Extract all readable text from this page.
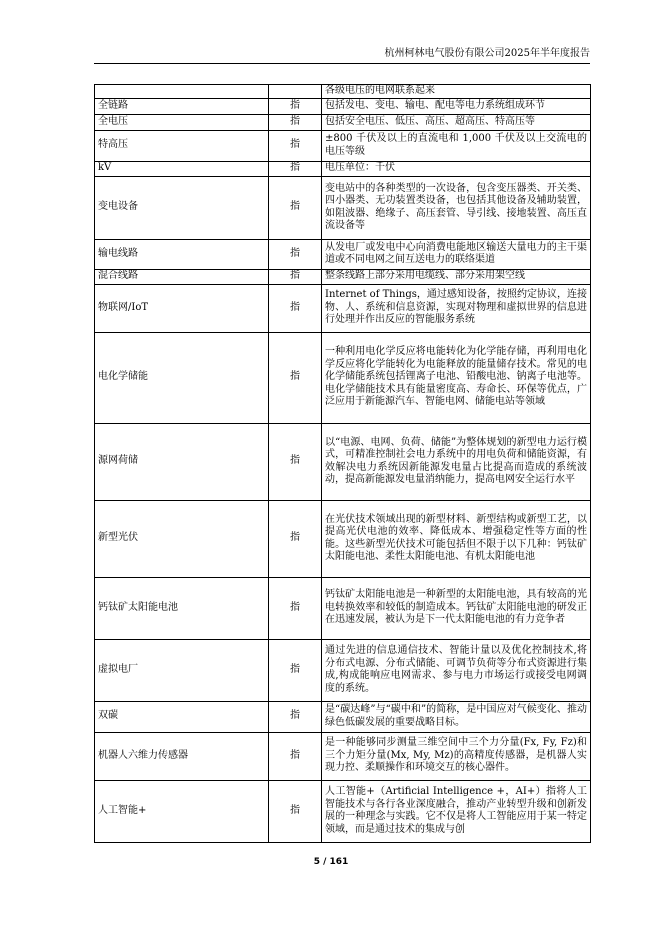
杭州柯林电气股份有限公司2025年半年度报告
		各级电压的电网联系起来
全链路	指	包括发电、变电、输电、配电等电力系统组成环节
全电压	指	包括安全电压、低压、高压、超高压、特高压等
特高压	指	±800 千伏及以上的直流电和 1,000 千伏及以上交流电的电压等级
kV	指	电压单位：千伏
变电设备	指	变电站中的各种类型的一次设备，包含变压器类、开关类、四小器类、无功装置类设备，也包括其他设备及辅助装置，如阻波器、绝缘子、高压套管、导引线、接地装置、高压直流设备等
输电线路	指	从发电厂或发电中心向消费电能地区输送大量电力的主干渠道或不同电网之间互送电力的联络渠道
混合线路	指	整条线路上部分采用电缆线、部分采用架空线
物联网/IoT	指	Internet of Things，通过感知设备，按照约定协议，连接物、人、系统和信息资源，实现对物理和虚拟世界的信息进行处理并作出反应的智能服务系统
电化学储能	指	一种利用电化学反应将电能转化为化学能存储，再利用电化学反应将化学能转化为电能释放的能量储存技术。常见的电化学储能系统包括锂离子电池、铅酸电池、钠离子电池等。电化学储能技术具有能量密度高、寿命长、环保等优点，广泛应用于新能源汽车、智能电网、储能电站等领域
源网荷储	指	以“电源、电网、负荷、储能”为整体规划的新型电力运行模式，可精准控制社会电力系统中的用电负荷和储能资源，有效解决电力系统因新能源发电量占比提高而造成的系统波动，提高新能源发电量消纳能力，提高电网安全运行水平
新型光伏	指	在光伏技术领域出现的新型材料、新型结构或新型工艺，以提高光伏电池的效率、降低成本、增强稳定性等方面的性能。这些新型光伏技术可能包括但不限于以下几种：钙钛矿太阳能电池、柔性太阳能电池、有机太阳能电池
钙钛矿太阳能电池	指	钙钛矿太阳能电池是一种新型的太阳能电池，具有较高的光电转换效率和较低的制造成本。钙钛矿太阳能电池的研发正在迅速发展，被认为是下一代太阳能电池的有力竞争者
虚拟电厂	指	通过先进的信息通信技术、智能计量以及优化控制技术,将分布式电源、分布式储能、可调节负荷等分布式资源进行集成,构成能响应电网需求、参与电力市场运行或接受电网调度的系统。
双碳	指	是“碳达峰”与“碳中和”的简称，是中国应对气候变化、推动绿色低碳发展的重要战略目标。
机器人六维力传感器	指	是一种能够同步测量三维空间中三个力分量(Fx, Fy, Fz)和三个力矩分量(Mx, My, Mz)的高精度传感器，是机器人实现力控、柔顺操作和环境交互的核心器件。
人工智能+	指	人工智能+（Artificial Intelligence +，AI+）指将人工智能技术与各行各业深度融合，推动产业转型升级和创新发展的一种理念与实践。它不仅是将人工智能应用于某一特定领域，而是通过技术的集成与创
5 / 161
